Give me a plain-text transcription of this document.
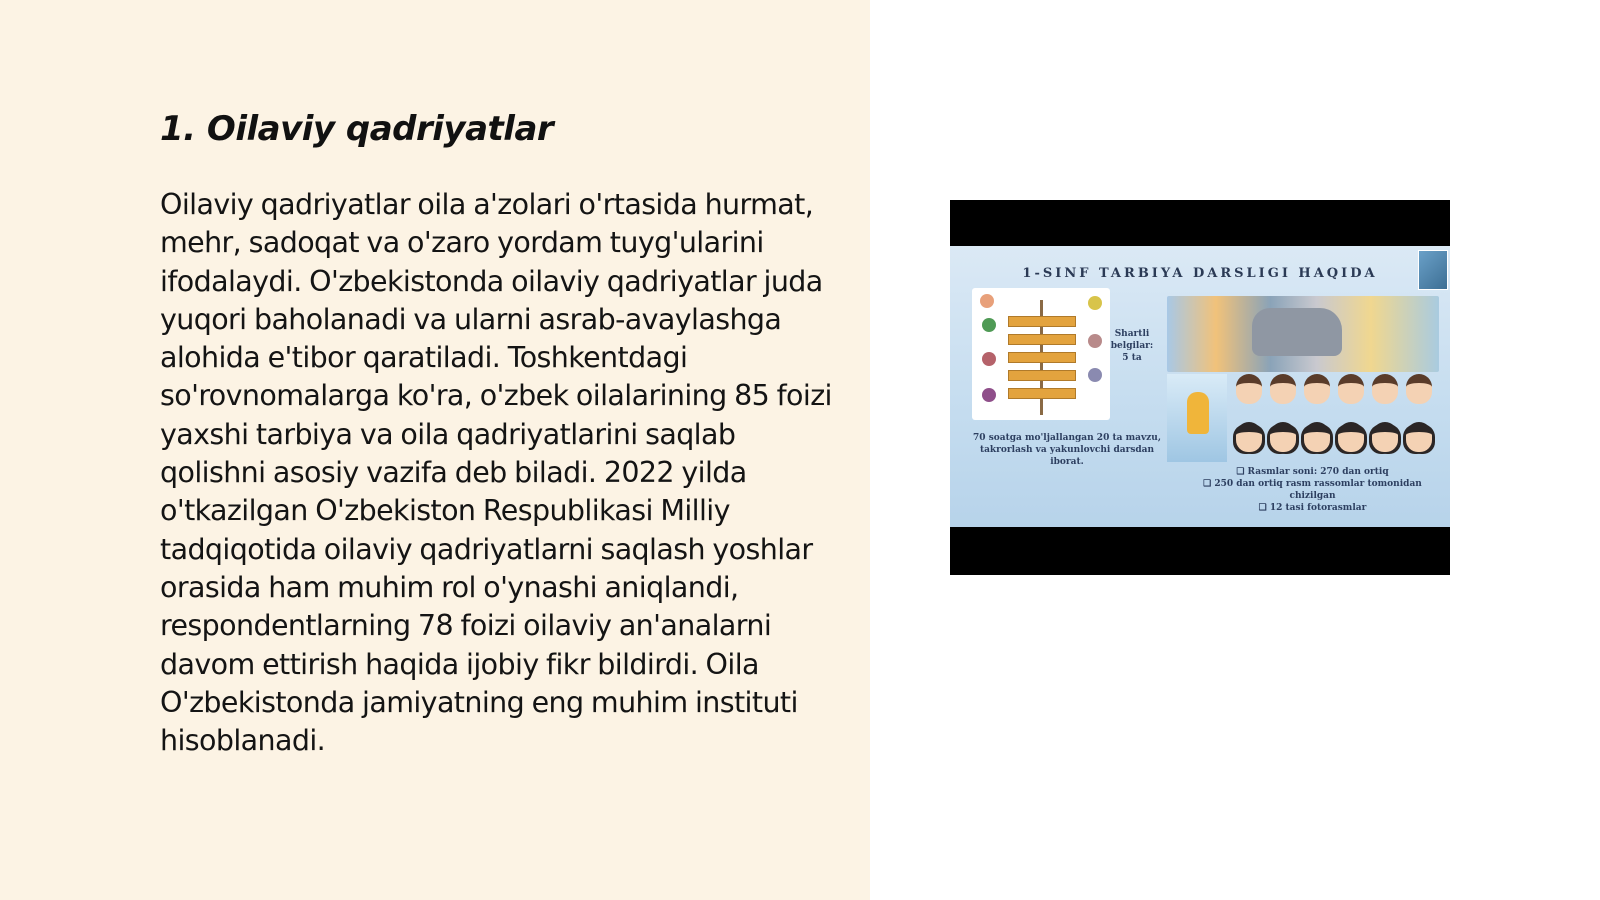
1. Oilaviy qadriyatlar
Oilaviy qadriyatlar oila a'zolari o'rtasida hurmat, mehr, sadoqat va o'zaro yordam tuyg'ularini ifodalaydi. O'zbekistonda oilaviy qadriyatlar juda yuqori baholanadi va ularni asrab-avaylashga alohida e'tibor qaratiladi. Toshkentdagi so'rovnomalarga ko'ra, o'zbek oilalarining 85 foizi yaxshi tarbiya va oila qadriyatlarini saqlab qolishni asosiy vazifa deb biladi. 2022 yilda o'tkazilgan O'zbekiston Respublikasi Milliy tadqiqotida oilaviy qadriyatlarni saqlash yoshlar orasida ham muhim rol o'ynashi aniqlandi, respondentlarning 78 foizi oilaviy an'analarni davom ettirish haqida ijobiy fikr bildirdi. Oila O'zbekistonda jamiyatning eng muhim instituti hisoblanadi.
1-SINF TARBIYA DARSLIGI HAQIDA
Shartli belgilar: 5 ta
70 soatga mo'ljallangan 20 ta mavzu, takrorlash va yakunlovchi darsdan iborat.
❑ Rasmlar soni: 270 dan ortiq
❑ 250 dan ortiq rasm rassomlar tomonidan chizilgan
❑ 12 tasi fotorasmlar
